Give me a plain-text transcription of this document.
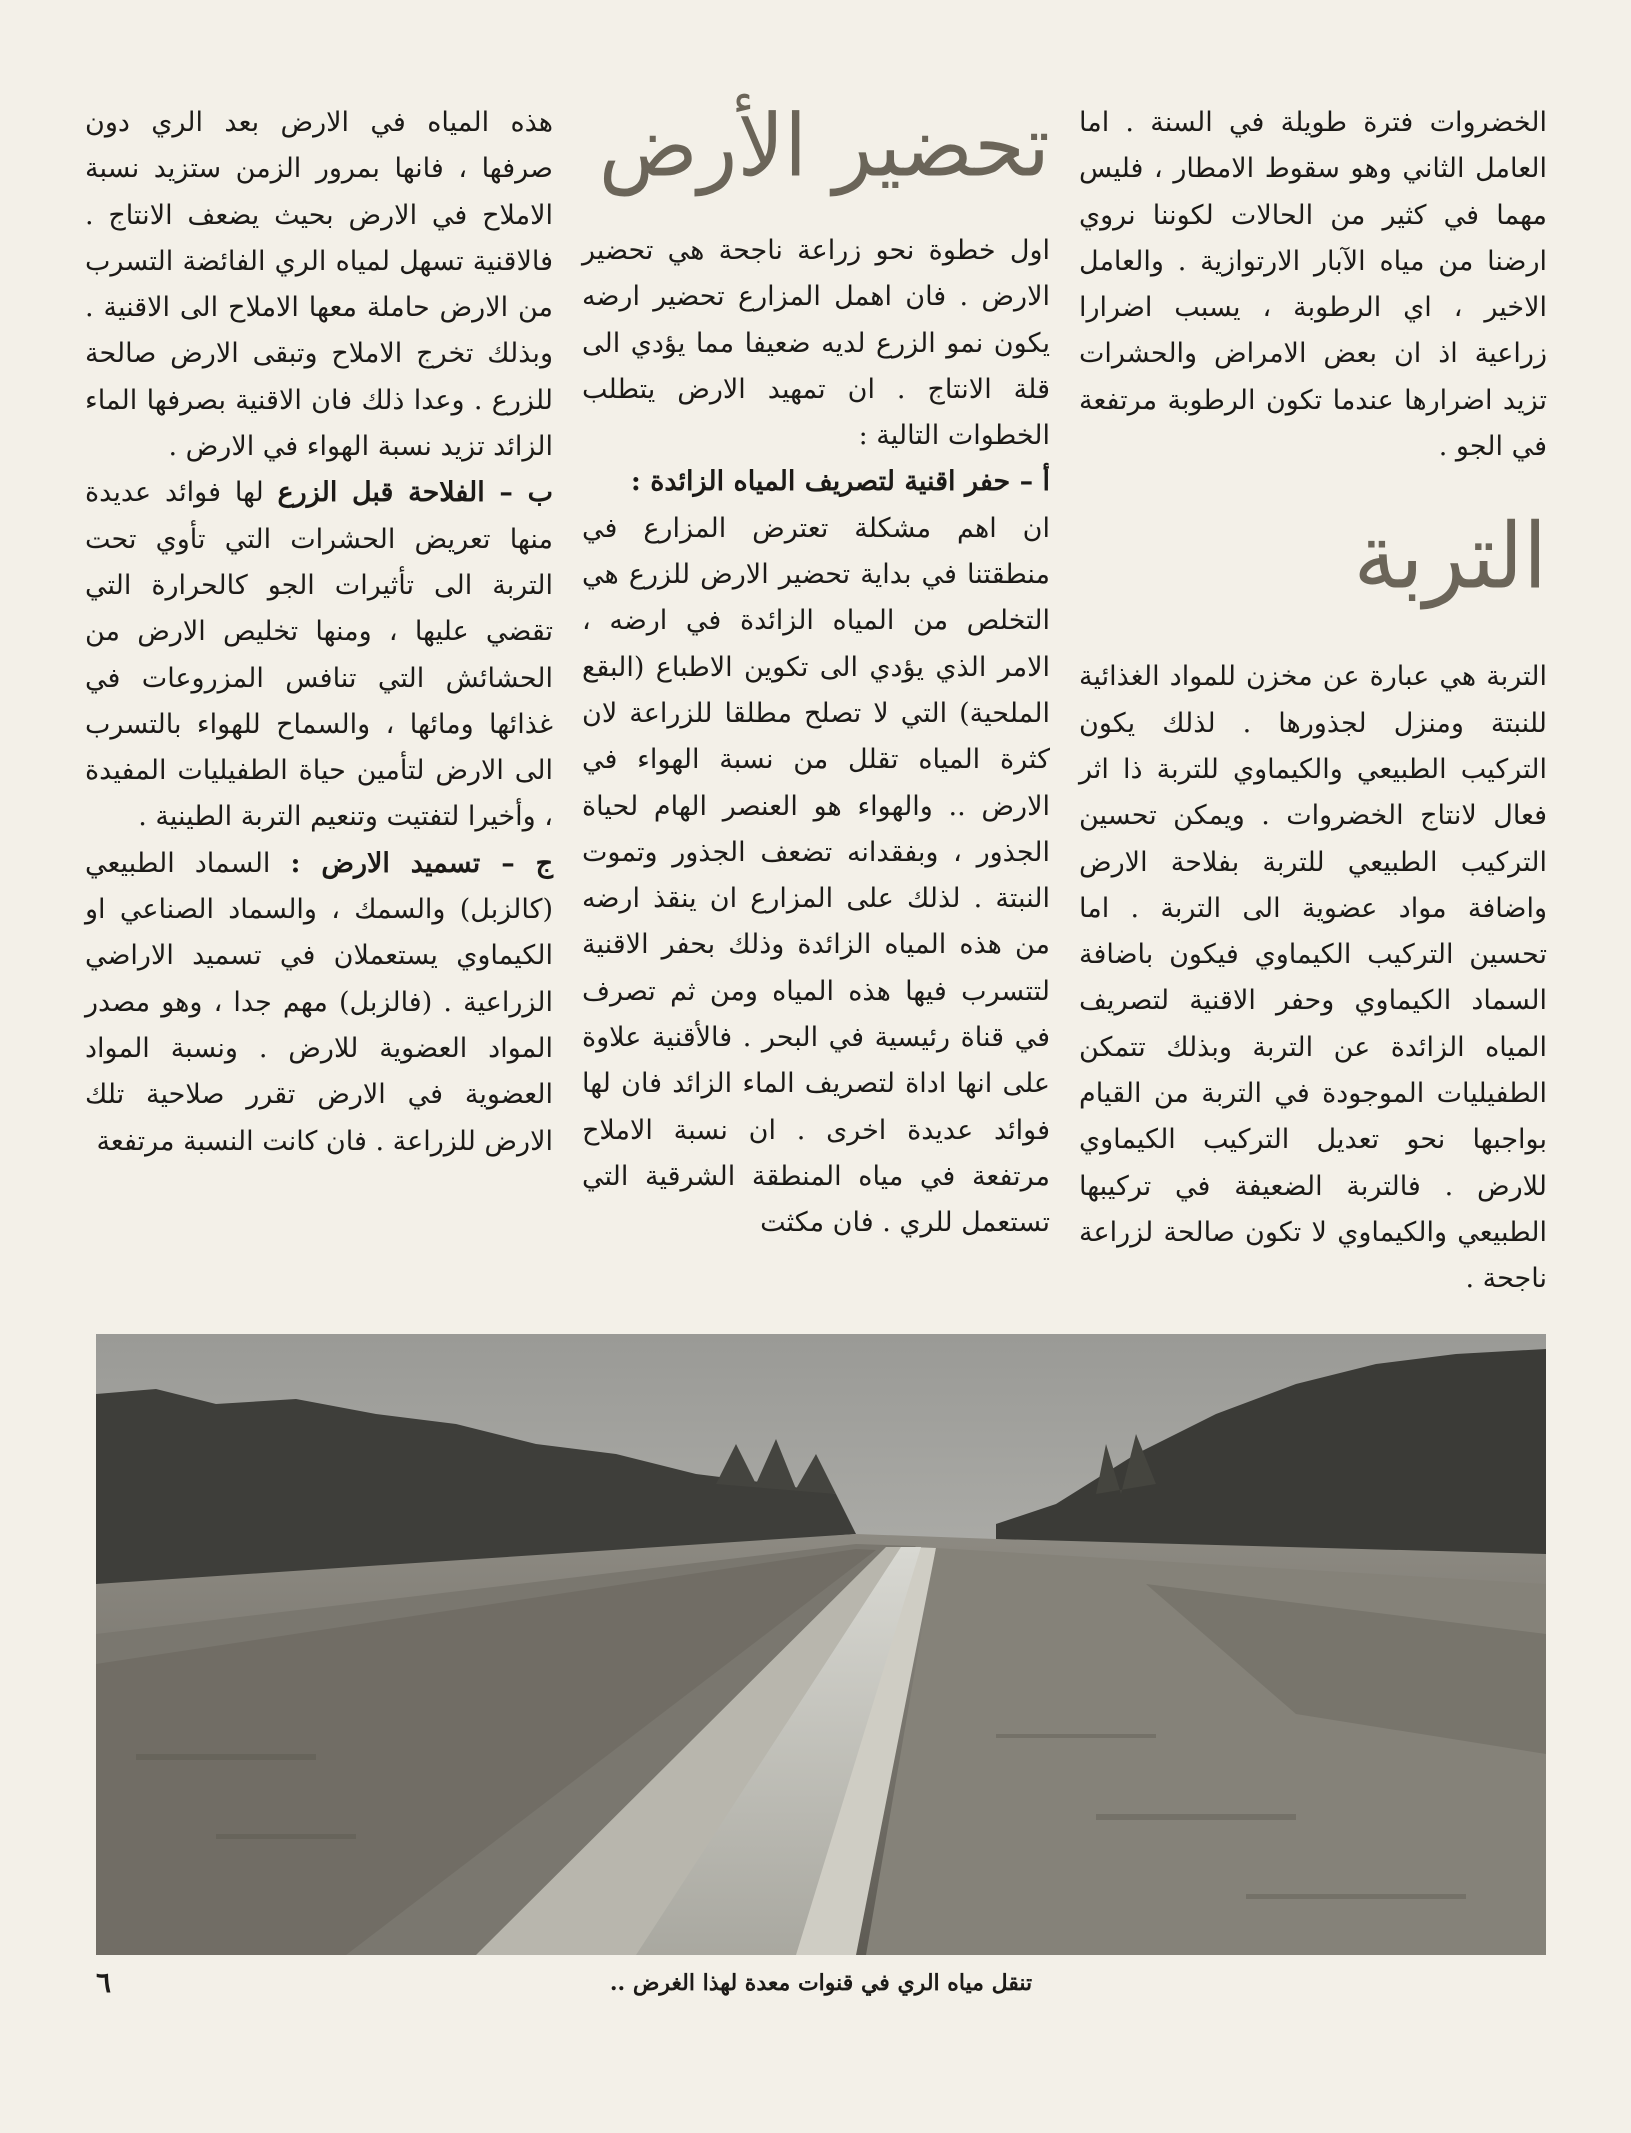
الخضروات فترة طويلة في السنة . اما العامل الثاني وهو سقوط الامطار ، فليس مهما في كثير من الحالات لكوننا نروي ارضنا من مياه الآبار الارتوازية . والعامل الاخير ، اي الرطوبة ، يسبب اضرارا زراعية اذ ان بعض الامراض والحشرات تزيد اضرارها عندما تكون الرطوبة مرتفعة في الجو .

التربة

التربة هي عبارة عن مخزن للمواد الغذائية للنبتة ومنزل لجذورها . لذلك يكون التركيب الطبيعي والكيماوي للتربة ذا اثر فعال لانتاج الخضروات . ويمكن تحسين التركيب الطبيعي للتربة بفلاحة الارض واضافة مواد عضوية الى التربة . اما تحسين التركيب الكيماوي فيكون باضافة السماد الكيماوي وحفر الاقنية لتصريف المياه الزائدة عن التربة وبذلك تتمكن الطفيليات الموجودة في التربة من القيام بواجبها نحو تعديل التركيب الكيماوي للارض . فالتربة الضعيفة في تركيبها الطبيعي والكيماوي لا تكون صالحة لزراعة ناجحة .

تحضير الأرض

اول خطوة نحو زراعة ناجحة هي تحضير الارض . فان اهمل المزارع تحضير ارضه يكون نمو الزرع لديه ضعيفا مما يؤدي الى قلة الانتاج . ان تمهيد الارض يتطلب الخطوات التالية :

أ – حفر اقنية لتصريف المياه الزائدة :

ان اهم مشكلة تعترض المزارع في منطقتنا في بداية تحضير الارض للزرع هي التخلص من المياه الزائدة في ارضه ، الامر الذي يؤدي الى تكوين الاطباع (البقع الملحية) التي لا تصلح مطلقا للزراعة لان كثرة المياه تقلل من نسبة الهواء في الارض .. والهواء هو العنصر الهام لحياة الجذور ، وبفقدانه تضعف الجذور وتموت النبتة . لذلك على المزارع ان ينقذ ارضه من هذه المياه الزائدة وذلك بحفر الاقنية لتتسرب فيها هذه المياه ومن ثم تصرف في قناة رئيسية في البحر . فالأقنية علاوة على انها اداة لتصريف الماء الزائد فان لها فوائد عديدة اخرى . ان نسبة الاملاح مرتفعة في مياه المنطقة الشرقية التي تستعمل للري . فان مكثت

هذه المياه في الارض بعد الري دون صرفها ، فانها بمرور الزمن ستزيد نسبة الاملاح في الارض بحيث يضعف الانتاج . فالاقنية تسهل لمياه الري الفائضة التسرب من الارض حاملة معها الاملاح الى الاقنية . وبذلك تخرج الاملاح وتبقى الارض صالحة للزرع . وعدا ذلك فان الاقنية بصرفها الماء الزائد تزيد نسبة الهواء في الارض .

ب – الفلاحة قبل الزرع لها فوائد عديدة منها تعريض الحشرات التي تأوي تحت التربة الى تأثيرات الجو كالحرارة التي تقضي عليها ، ومنها تخليص الارض من الحشائش التي تنافس المزروعات في غذائها ومائها ، والسماح للهواء بالتسرب الى الارض لتأمين حياة الطفيليات المفيدة ، وأخيرا لتفتيت وتنعيم التربة الطينية .

ج – تسميد الارض : السماد الطبيعي (كالزبل) والسمك ، والسماد الصناعي او الكيماوي يستعملان في تسميد الاراضي الزراعية . (فالزبل) مهم جدا ، وهو مصدر المواد العضوية للارض . ونسبة المواد العضوية في الارض تقرر صلاحية تلك الارض للزراعة . فان كانت النسبة مرتفعة

تنقل مياه الري في قنوات معدة لهذا الغرض ..
٦
